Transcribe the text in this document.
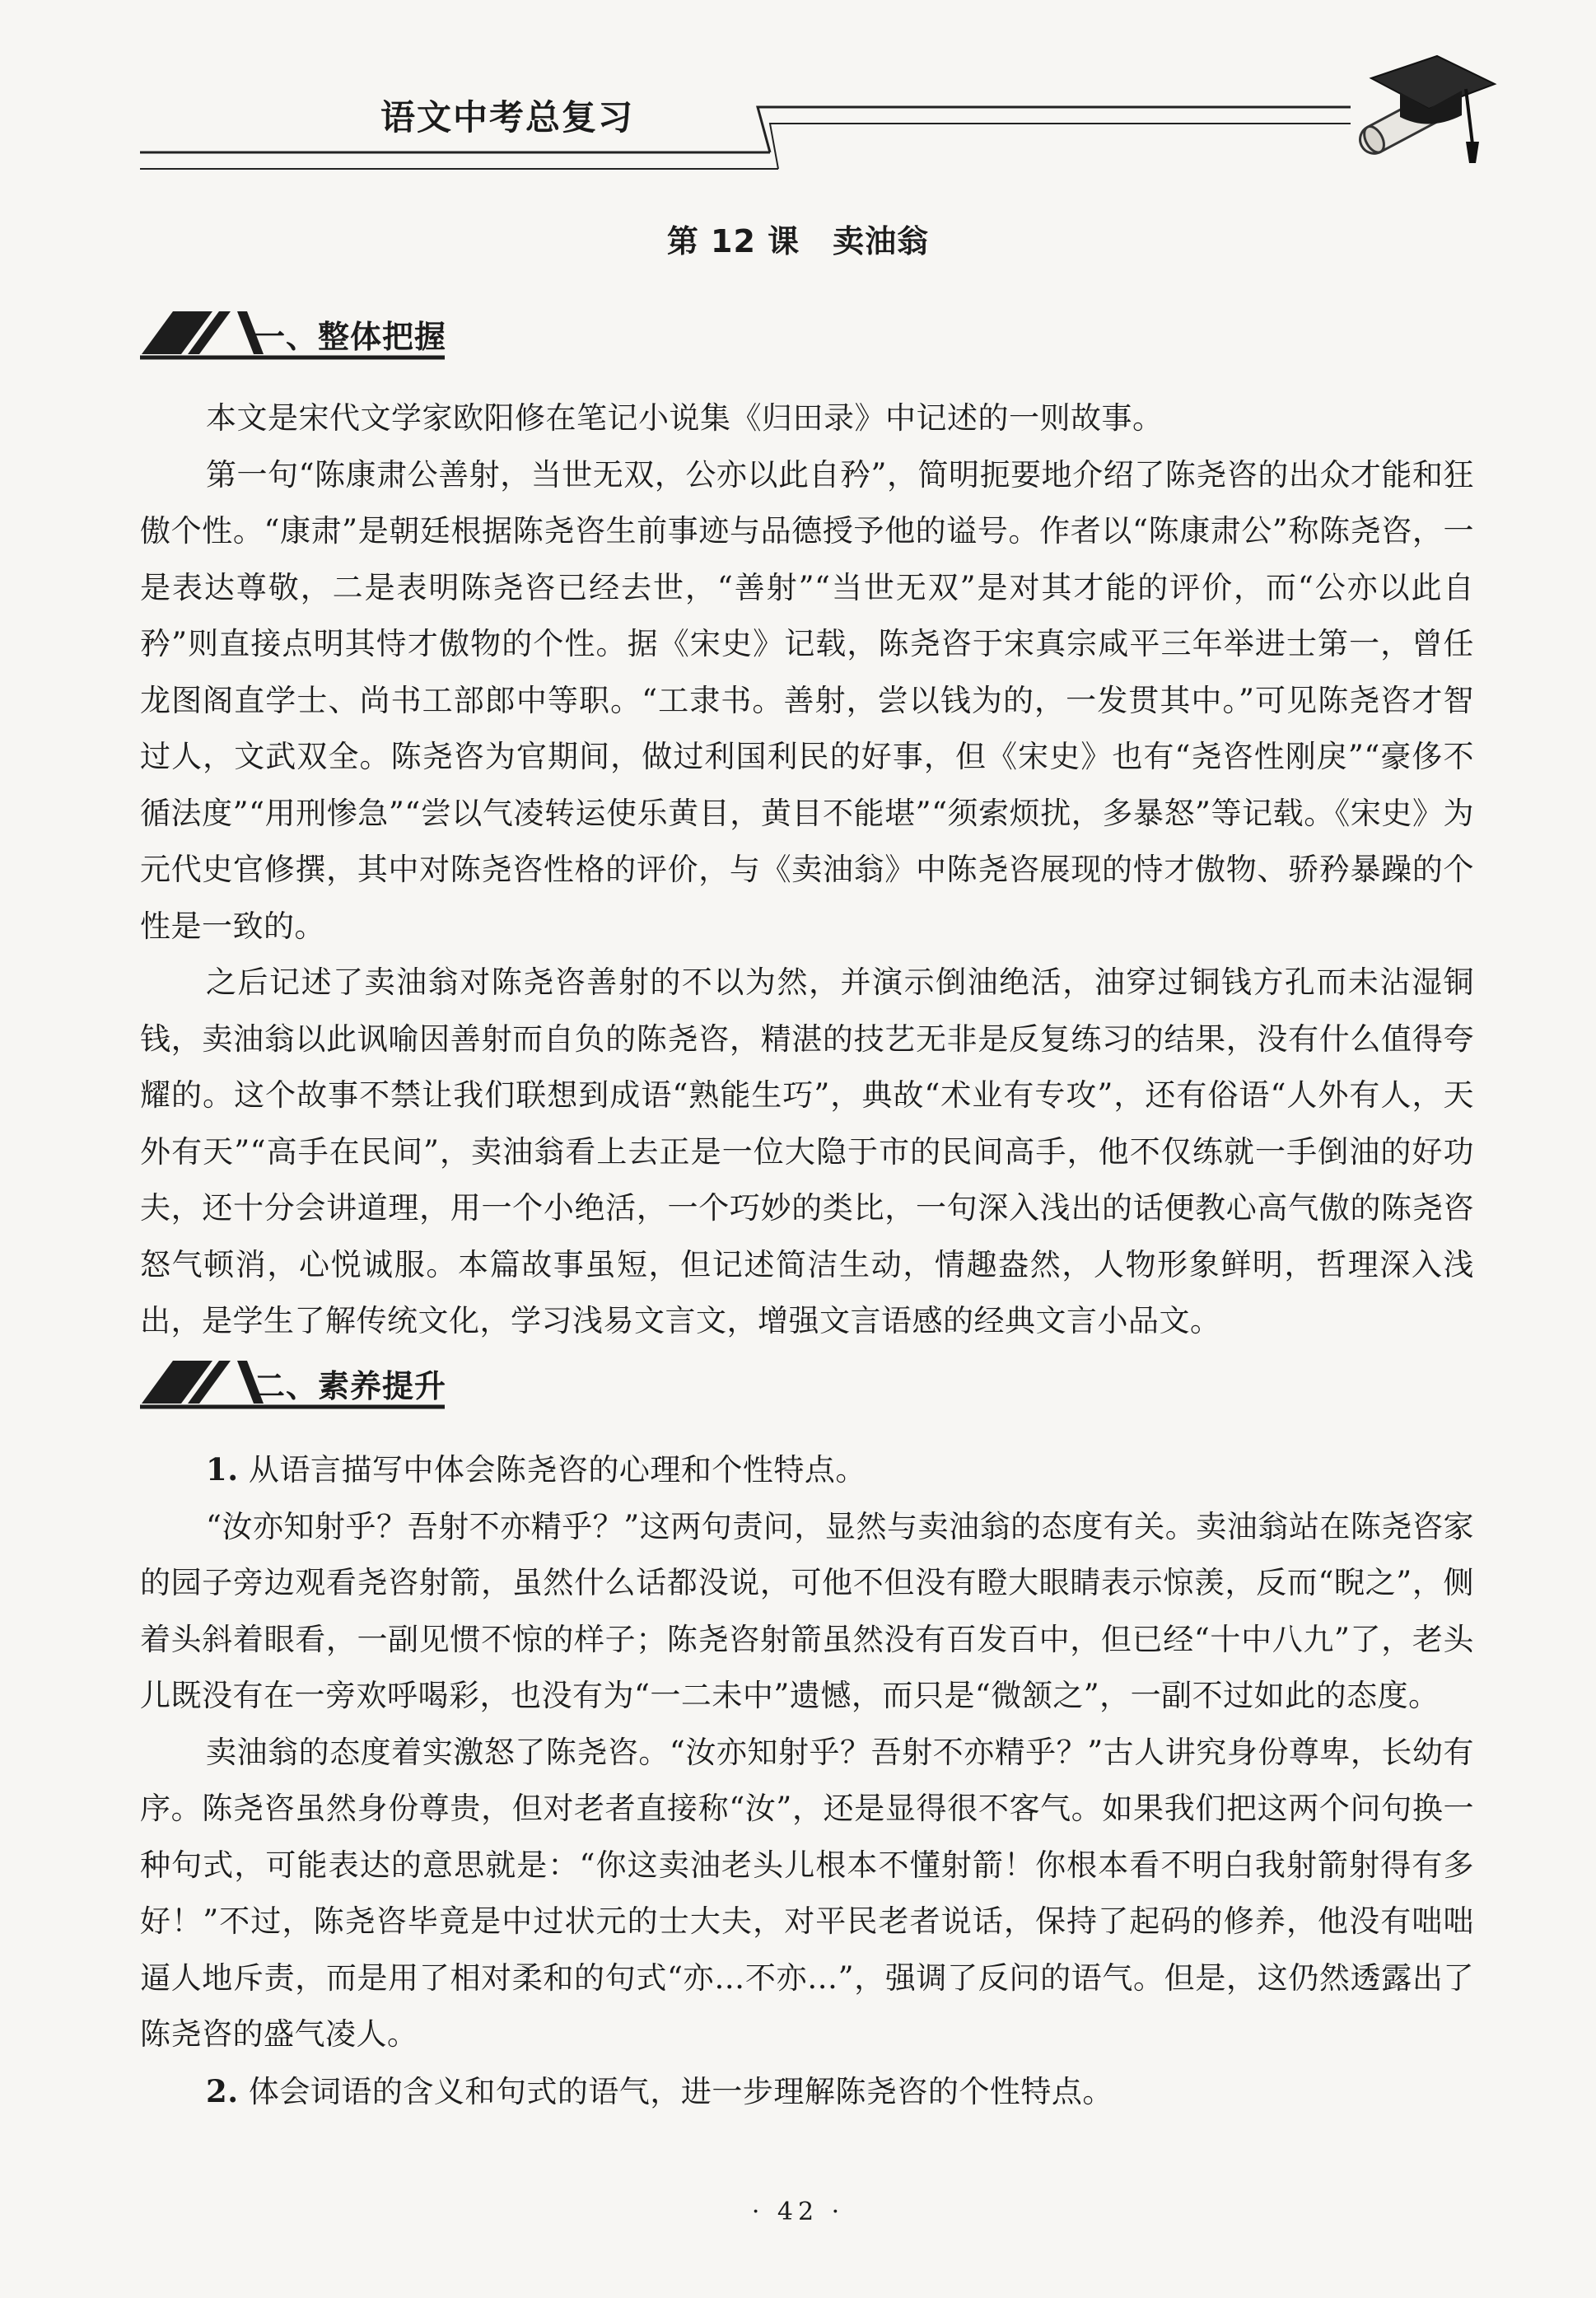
语文中考总复习
第 12 课 卖油翁
一、整体把握

本文是宋代文学家欧阳修在笔记小说集《归田录》中记述的一则故事。

第一句“陈康肃公善射，当世无双，公亦以此自矜”，简明扼要地介绍了陈尧咨的出众才能和狂傲个性。“康肃”是朝廷根据陈尧咨生前事迹与品德授予他的谥号。作者以“陈康肃公”称陈尧咨，一是表达尊敬，二是表明陈尧咨已经去世，“善射”“当世无双”是对其才能的评价，而“公亦以此自矜”则直接点明其恃才傲物的个性。据《宋史》记载，陈尧咨于宋真宗咸平三年举进士第一，曾任龙图阁直学士、尚书工部郎中等职。“工隶书。善射，尝以钱为的，一发贯其中。”可见陈尧咨才智过人，文武双全。陈尧咨为官期间，做过利国利民的好事，但《宋史》也有“尧咨性刚戾”“豪侈不循法度”“用刑惨急”“尝以气凌转运使乐黄目，黄目不能堪”“须索烦扰，多暴怒”等记载。《宋史》为元代史官修撰，其中对陈尧咨性格的评价，与《卖油翁》中陈尧咨展现的恃才傲物、骄矜暴躁的个性是一致的。

之后记述了卖油翁对陈尧咨善射的不以为然，并演示倒油绝活，油穿过铜钱方孔而未沾湿铜钱，卖油翁以此讽喻因善射而自负的陈尧咨，精湛的技艺无非是反复练习的结果，没有什么值得夸耀的。这个故事不禁让我们联想到成语“熟能生巧”，典故“术业有专攻”，还有俗语“人外有人，天外有天”“高手在民间”，卖油翁看上去正是一位大隐于市的民间高手，他不仅练就一手倒油的好功夫，还十分会讲道理，用一个小绝活，一个巧妙的类比，一句深入浅出的话便教心高气傲的陈尧咨怒气顿消，心悦诚服。本篇故事虽短，但记述简洁生动，情趣盎然，人物形象鲜明，哲理深入浅出，是学生了解传统文化，学习浅易文言文，增强文言语感的经典文言小品文。

二、素养提升

1. 从语言描写中体会陈尧咨的心理和个性特点。

“汝亦知射乎？吾射不亦精乎？”这两句责问，显然与卖油翁的态度有关。卖油翁站在陈尧咨家的园子旁边观看尧咨射箭，虽然什么话都没说，可他不但没有瞪大眼睛表示惊羡，反而“睨之”，侧着头斜着眼看，一副见惯不惊的样子；陈尧咨射箭虽然没有百发百中，但已经“十中八九”了，老头儿既没有在一旁欢呼喝彩，也没有为“一二未中”遗憾，而只是“微颔之”，一副不过如此的态度。

卖油翁的态度着实激怒了陈尧咨。“汝亦知射乎？吾射不亦精乎？”古人讲究身份尊卑，长幼有序。陈尧咨虽然身份尊贵，但对老者直接称“汝”，还是显得很不客气。如果我们把这两个问句换一种句式，可能表达的意思就是：“你这卖油老头儿根本不懂射箭！你根本看不明白我射箭射得有多好！”不过，陈尧咨毕竟是中过状元的士大夫，对平民老者说话，保持了起码的修养，他没有咄咄逼人地斥责，而是用了相对柔和的句式“亦…不亦…”，强调了反问的语气。但是，这仍然透露出了陈尧咨的盛气凌人。

2. 体会词语的含义和句式的语气，进一步理解陈尧咨的个性特点。

· 42 ·
